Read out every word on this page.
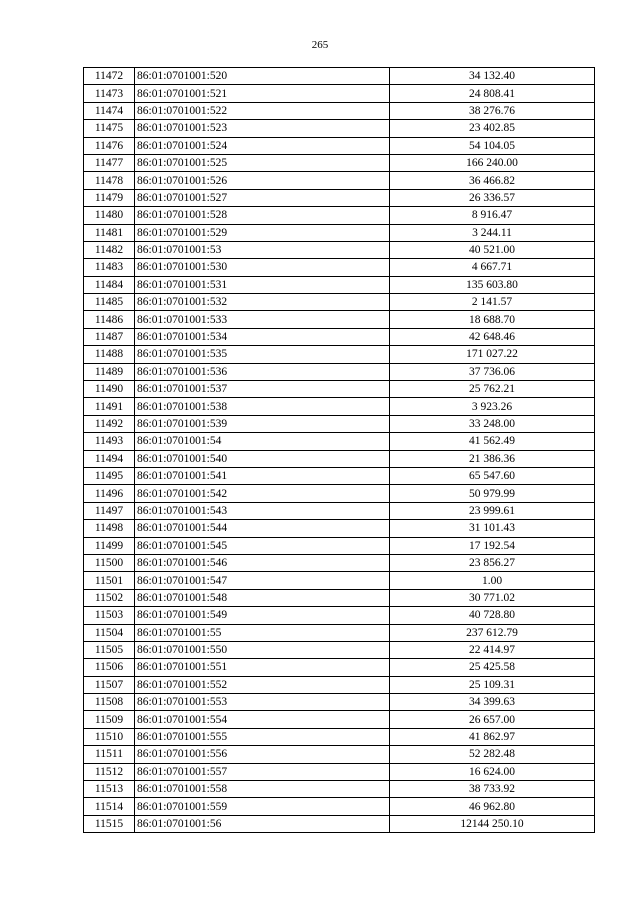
265
11472	86:01:0701001:520	34 132.40
11473	86:01:0701001:521	24 808.41
11474	86:01:0701001:522	38 276.76
11475	86:01:0701001:523	23 402.85
11476	86:01:0701001:524	54 104.05
11477	86:01:0701001:525	166 240.00
11478	86:01:0701001:526	36 466.82
11479	86:01:0701001:527	26 336.57
11480	86:01:0701001:528	8 916.47
11481	86:01:0701001:529	3 244.11
11482	86:01:0701001:53	40 521.00
11483	86:01:0701001:530	4 667.71
11484	86:01:0701001:531	135 603.80
11485	86:01:0701001:532	2 141.57
11486	86:01:0701001:533	18 688.70
11487	86:01:0701001:534	42 648.46
11488	86:01:0701001:535	171 027.22
11489	86:01:0701001:536	37 736.06
11490	86:01:0701001:537	25 762.21
11491	86:01:0701001:538	3 923.26
11492	86:01:0701001:539	33 248.00
11493	86:01:0701001:54	41 562.49
11494	86:01:0701001:540	21 386.36
11495	86:01:0701001:541	65 547.60
11496	86:01:0701001:542	50 979.99
11497	86:01:0701001:543	23 999.61
11498	86:01:0701001:544	31 101.43
11499	86:01:0701001:545	17 192.54
11500	86:01:0701001:546	23 856.27
11501	86:01:0701001:547	1.00
11502	86:01:0701001:548	30 771.02
11503	86:01:0701001:549	40 728.80
11504	86:01:0701001:55	237 612.79
11505	86:01:0701001:550	22 414.97
11506	86:01:0701001:551	25 425.58
11507	86:01:0701001:552	25 109.31
11508	86:01:0701001:553	34 399.63
11509	86:01:0701001:554	26 657.00
11510	86:01:0701001:555	41 862.97
11511	86:01:0701001:556	52 282.48
11512	86:01:0701001:557	16 624.00
11513	86:01:0701001:558	38 733.92
11514	86:01:0701001:559	46 962.80
11515	86:01:0701001:56	12144 250.10
